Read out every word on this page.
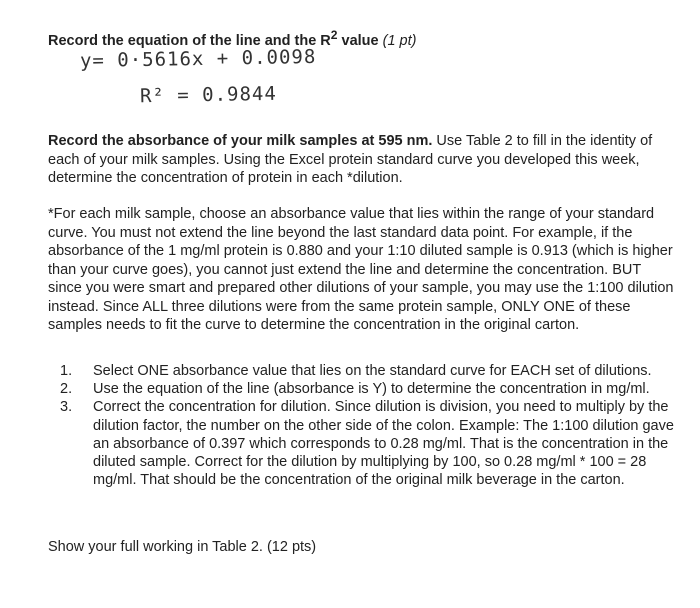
Record the equation of the line and the $R^2$ value (1 pt)
y= 0·5616x + 0.0098
R² = 0.9844

Record the absorbance of your milk samples at 595 nm. Use Table 2 to fill in the identity of each of your milk samples. Using the Excel protein standard curve you developed this week, determine the concentration of protein in each *dilution.

*For each milk sample, choose an absorbance value that lies within the range of your standard curve. You must not extend the line beyond the last standard data point. For example, if the absorbance of the 1 mg/ml protein is 0.880 and your 1:10 diluted sample is 0.913 (which is higher than your curve goes), you cannot just extend the line and determine the concentration. BUT since you were smart and prepared other dilutions of your sample, you may use the 1:100 dilution instead. Since ALL three dilutions were from the same protein sample, ONLY ONE of these samples needs to fit the curve to determine the concentration in the original carton.

1.	Select ONE absorbance value that lies on the standard curve for EACH set of dilutions.
2.	Use the equation of the line (absorbance is Y) to determine the concentration in mg/ml.
3.	Correct the concentration for dilution. Since dilution is division, you need to multiply by the dilution factor, the number on the other side of the colon. Example: The 1:100 dilution gave an absorbance of 0.397 which corresponds to 0.28 mg/ml. That is the concentration in the diluted sample. Correct for the dilution by multiplying by 100, so 0.28 mg/ml * 100 = 28 mg/ml. That should be the concentration of the original milk beverage in the carton.
Show your full working in Table 2. (12 pts)
